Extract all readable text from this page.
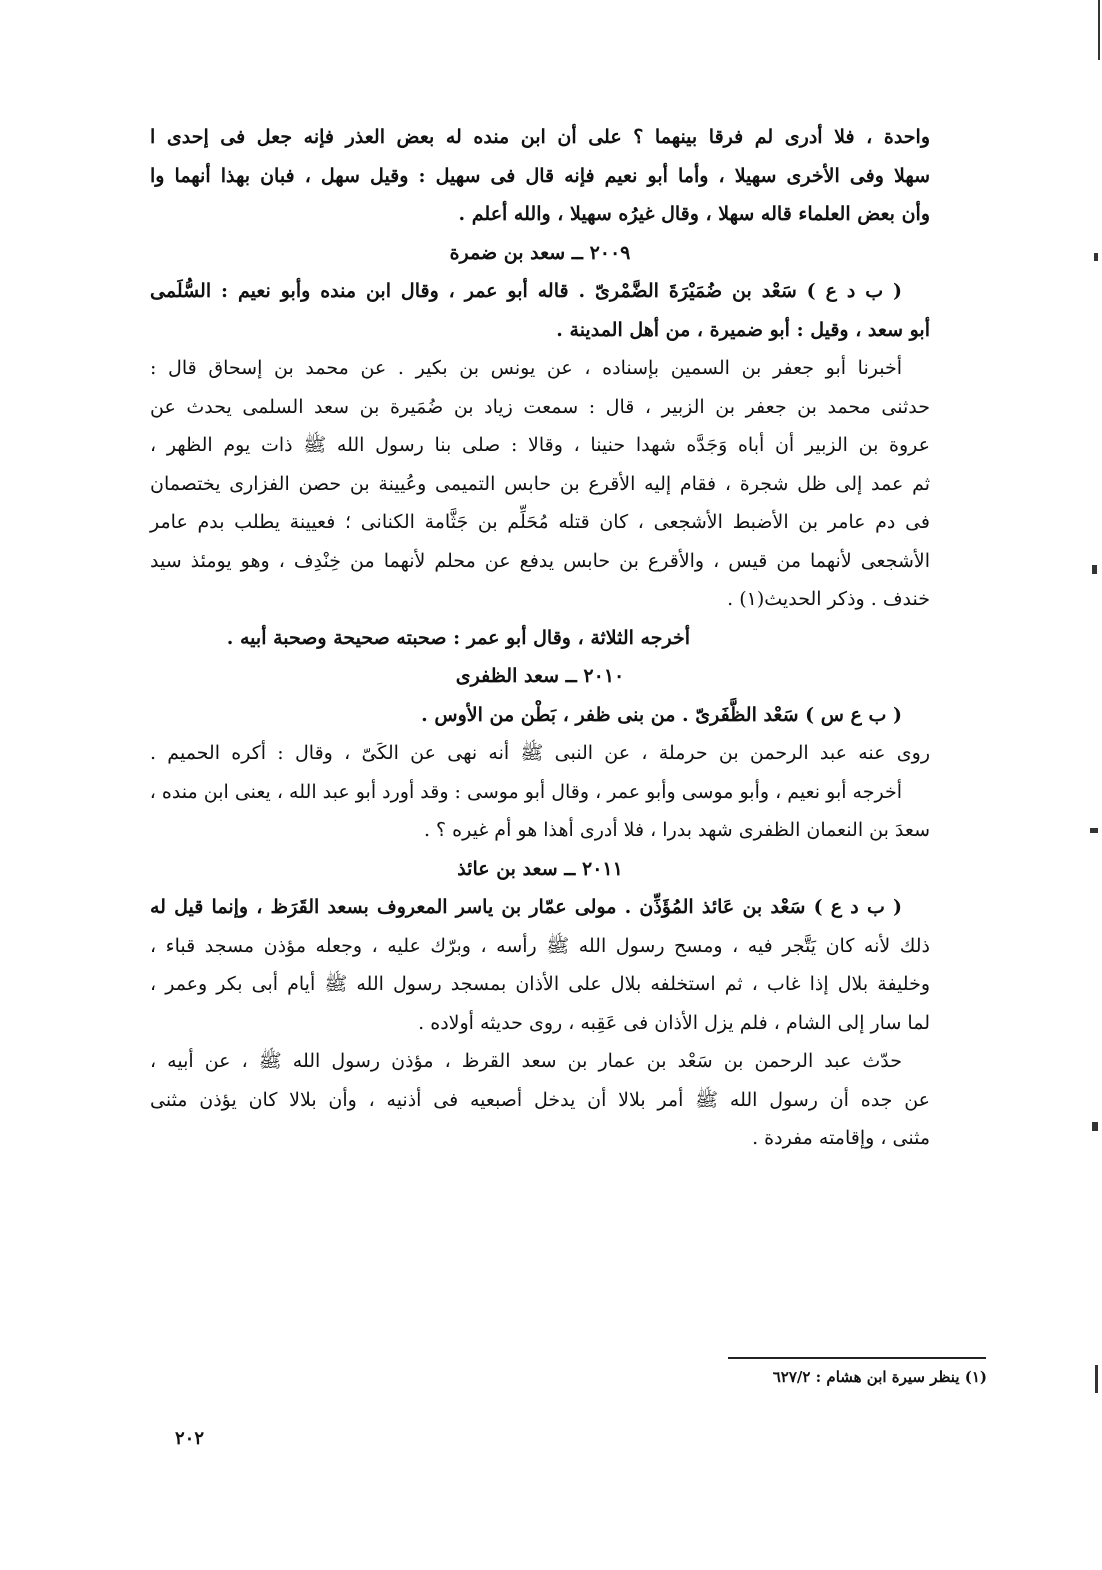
واحدة ، فلا أدرى لم فرقا بينهما ؟ على أن ابن منده له بعض العذر فإنه جعل فى إحدى ا
سهلا وفى الأخرى سهيلا ، وأما أبو نعيم فإنه قال فى سهيل : وقيل سهل ، فبان بهذا أنهما وا
وأن بعض العلماء قاله سهلا ، وقال غيرُه سهيلا ، والله أعلم .
٢٠٠٩ ــ سعد بن ضمرة
( ب د ع ) سَعْد بن ضُمَيْرَةَ الضَّمْرىّ . قاله أبو عمر ، وقال ابن منده وأبو نعيم : السُّلَمى
أبو سعد ، وقيل : أبو ضميرة ، من أهل المدينة .
أخبرنا أبو جعفر بن السمين بإسناده ، عن يونس بن بكير . عن محمد بن إسحاق قال :
حدثنى محمد بن جعفر بن الزبير ، قال : سمعت زياد بن ضُمَيرة بن سعد السلمى يحدث عن
عروة بن الزبير أن أباه وَجَدَّه شهدا حنينا ، وقالا : صلى بنا رسول الله ﷺ ذات يوم الظهر ،
ثم عمد إلى ظل شجرة ، فقام إليه الأقرع بن حابس التميمى وعُيينة بن حصن الفزارى يختصمان
فى دم عامر بن الأضبط الأشجعى ، كان قتله مُحَلِّم بن جَثَّامة الكنانى ؛ فعيينة يطلب بدم عامر
الأشجعى لأنهما من قيس ، والأقرع بن حابس يدفع عن محلم لأنهما من خِنْدِف ، وهو يومئذ سيد
خندف . وذكر الحديث(١) .
أخرجه الثلاثة ، وقال أبو عمر : صحبته صحيحة وصحبة أبيه .
٢٠١٠ ــ سعد الظفرى
( ب ع س ) سَعْد الظَّفَرىّ . من بنى ظفر ، بَطْن من الأوس .
روى عنه عبد الرحمن بن حرملة ، عن النبى ﷺ أنه نهى عن الكَىّ ، وقال : أكره الحميم .
أخرجه أبو نعيم ، وأبو موسى وأبو عمر ، وقال أبو موسى : وقد أورد أبو عبد الله ، يعنى ابن منده ،
سعدَ بن النعمان الظفرى شهد بدرا ، فلا أدرى أهذا هو أم غيره ؟ .
٢٠١١ ــ سعد بن عائذ
( ب د ع ) سَعْد بن عَائذ المُؤَذِّن . مولى عمّار بن ياسر المعروف بسعد القَرَظ ، وإنما قيل له
ذلك لأنه كان يَتَّجر فيه ، ومسح رسول الله ﷺ رأسه ، وبرّك عليه ، وجعله مؤذن مسجد قباء ،
وخليفة بلال إذا غاب ، ثم استخلفه بلال على الأذان بمسجد رسول الله ﷺ أيام أبى بكر وعمر ،
لما سار إلى الشام ، فلم يزل الأذان فى عَقِبه ، روى حديثه أولاده .
حدّث عبد الرحمن بن سَعْد بن عمار بن سعد القرظ ، مؤذن رسول الله ﷺ ، عن أبيه ،
عن جده أن رسول الله ﷺ أمر بلالا أن يدخل أصبعيه فى أذنيه ، وأن بلالا كان يؤذن مثنى
مثنى ، وإقامته مفردة .
(١) ينظر سيرة ابن هشام : ٦٢٧/٢
٢٠٢
